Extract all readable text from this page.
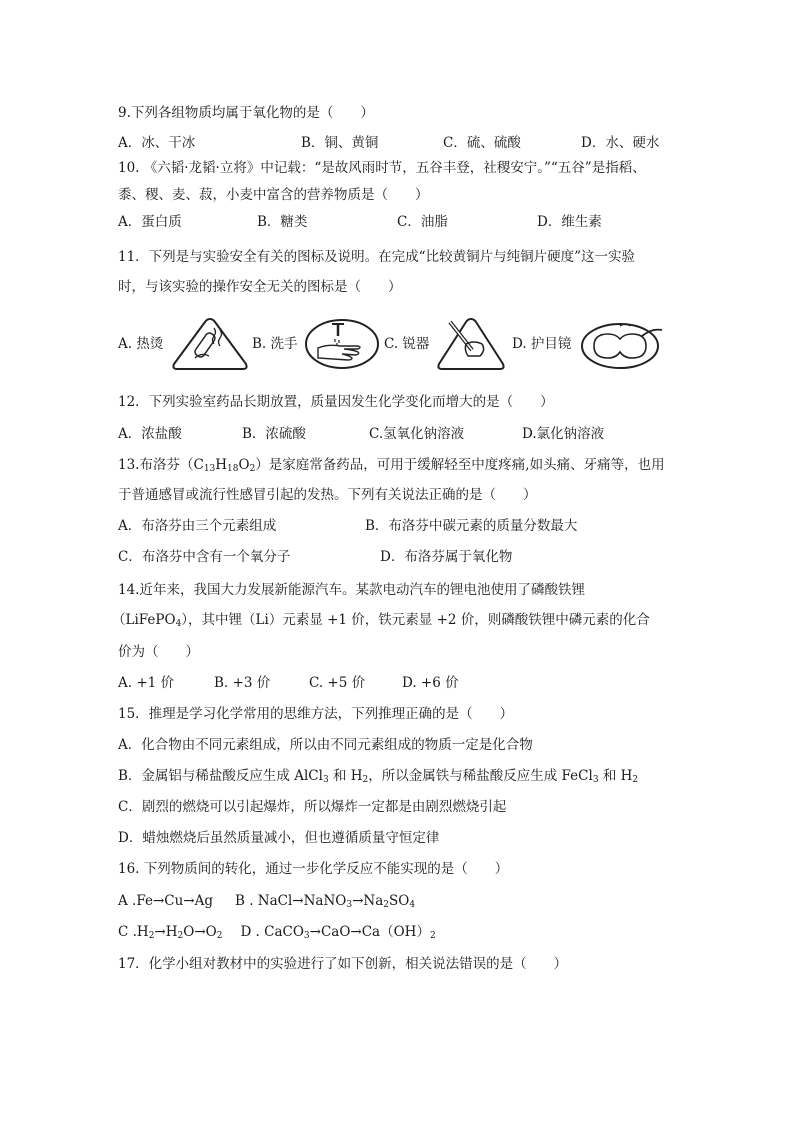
9.下列各组物质均属于氧化物的是（　　）
A．冰、干冰	B．铜、黄铜	C．硫、硫酸	D．水、硬水
10. 《六韬·龙韬·立将》中记载：“是故风雨时节，五谷丰登，社稷安宁。”“五谷”是指稻、
黍、稷、麦、菽，小麦中富含的营养物质是（　　）
A．蛋白质	B．糖类	C．油脂	D．维生素
11．下列是与实验安全有关的图标及说明。在完成“比较黄铜片与纯铜片硬度”这一实验
时，与该实验的操作安全无关的图标是（　　）
A. 热烫	B. 洗手	C. 锐器	D. 护目镜
12．下列实验室药品长期放置，质量因发生化学变化而增大的是（　　）
A．浓盐酸	B．浓硫酸	C.氢氧化钠溶液	D.氯化钠溶液
13.布洛芬$(C_{13}H_{18}O_2)$是家庭常备药品，可用于缓解轻至中度疼痛,如头痛、牙痛等，也用
于普通感冒或流行性感冒引起的发热。下列有关说法正确的是（　　）
A．布洛芬由三个元素组成	B．布洛芬中碳元素的质量分数最大
C．布洛芬中含有一个氧分子	D．布洛芬属于氧化物
14.近年来，我国大力发展新能源汽车。某款电动汽车的锂电池使用了磷酸铁锂
（LiFePO$_4$），其中锂（Li）元素显 +1 价，铁元素显 +2 价，则磷酸铁锂中磷元素的化合
价为（　　）
A. +1 价	B. +3 价	C. +5 价	D. +6 价
15．推理是学习化学常用的思维方法，下列推理正确的是（　　）
A．化合物由不同元素组成，所以由不同元素组成的物质一定是化合物
B．金属铝与稀盐酸反应生成 AlCl$_3$ 和 $H_2$，所以金属铁与稀盐酸反应生成 FeCl$_3$ 和 $H_2$
C．剧烈的燃烧可以引起爆炸，所以爆炸一定都是由剧烈燃烧引起
D．蜡烛燃烧后虽然质量减小，但也遵循质量守恒定律
16. 下列物质间的转化，通过一步化学反应不能实现的是（　　）
A .Fe→Cu→Ag B . $NaCl\to NaNO_3\to Na_2SO_4$
C $.H_2\to H_2O\to O_2$ D . $CaCO_3\to CaO\to Ca(OH)_2$
17．化学小组对教材中的实验进行了如下创新，相关说法错误的是（　　）
